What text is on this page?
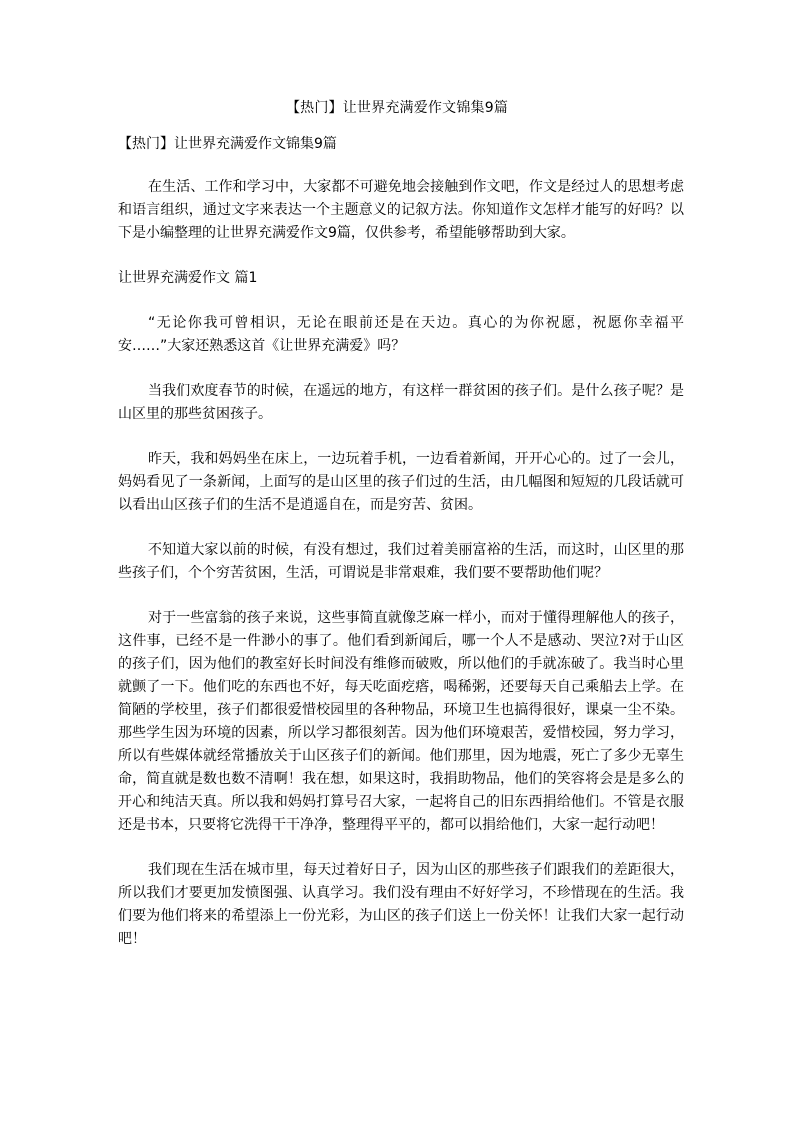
【热门】让世界充满爱作文锦集9篇

【热门】让世界充满爱作文锦集9篇

在生活、工作和学习中，大家都不可避免地会接触到作文吧，作文是经过人的思想考虑和语言组织，通过文字来表达一个主题意义的记叙方法。你知道作文怎样才能写的好吗？以下是小编整理的让世界充满爱作文9篇，仅供参考，希望能够帮助到大家。

让世界充满爱作文 篇1

“无论你我可曾相识，无论在眼前还是在天边。真心的为你祝愿，祝愿你幸福平安……”大家还熟悉这首《让世界充满爱》吗？

当我们欢度春节的时候，在遥远的地方，有这样一群贫困的孩子们。是什么孩子呢？是山区里的那些贫困孩子。

昨天，我和妈妈坐在床上，一边玩着手机，一边看着新闻，开开心心的。过了一会儿，妈妈看见了一条新闻，上面写的是山区里的孩子们过的生活，由几幅图和短短的几段话就可以看出山区孩子们的生活不是逍遥自在，而是穷苦、贫困。

不知道大家以前的时候，有没有想过，我们过着美丽富裕的生活，而这时，山区里的那些孩子们，个个穷苦贫困，生活，可谓说是非常艰难，我们要不要帮助他们呢？

对于一些富翁的孩子来说，这些事简直就像芝麻一样小，而对于懂得理解他人的孩子，这件事，已经不是一件渺小的事了。他们看到新闻后，哪一个人不是感动、哭泣?对于山区的孩子们，因为他们的教室好长时间没有维修而破败，所以他们的手就冻破了。我当时心里就颤了一下。他们吃的东西也不好，每天吃面疙瘩，喝稀粥，还要每天自己乘船去上学。在简陋的学校里，孩子们都很爱惜校园里的各种物品，环境卫生也搞得很好，课桌一尘不染。那些学生因为环境的因素，所以学习都很刻苦。因为他们环境艰苦，爱惜校园，努力学习，所以有些媒体就经常播放关于山区孩子们的新闻。他们那里，因为地震，死亡了多少无辜生命，简直就是数也数不清啊！我在想，如果这时，我捐助物品，他们的笑容将会是是多么的开心和纯洁天真。所以我和妈妈打算号召大家，一起将自己的旧东西捐给他们。不管是衣服还是书本，只要将它洗得干干净净，整理得平平的，都可以捐给他们，大家一起行动吧！

我们现在生活在城市里，每天过着好日子，因为山区的那些孩子们跟我们的差距很大，所以我们才要更加发愤图强、认真学习。我们没有理由不好好学习，不珍惜现在的生活。我们要为他们将来的希望添上一份光彩，为山区的孩子们送上一份关怀！让我们大家一起行动吧！
